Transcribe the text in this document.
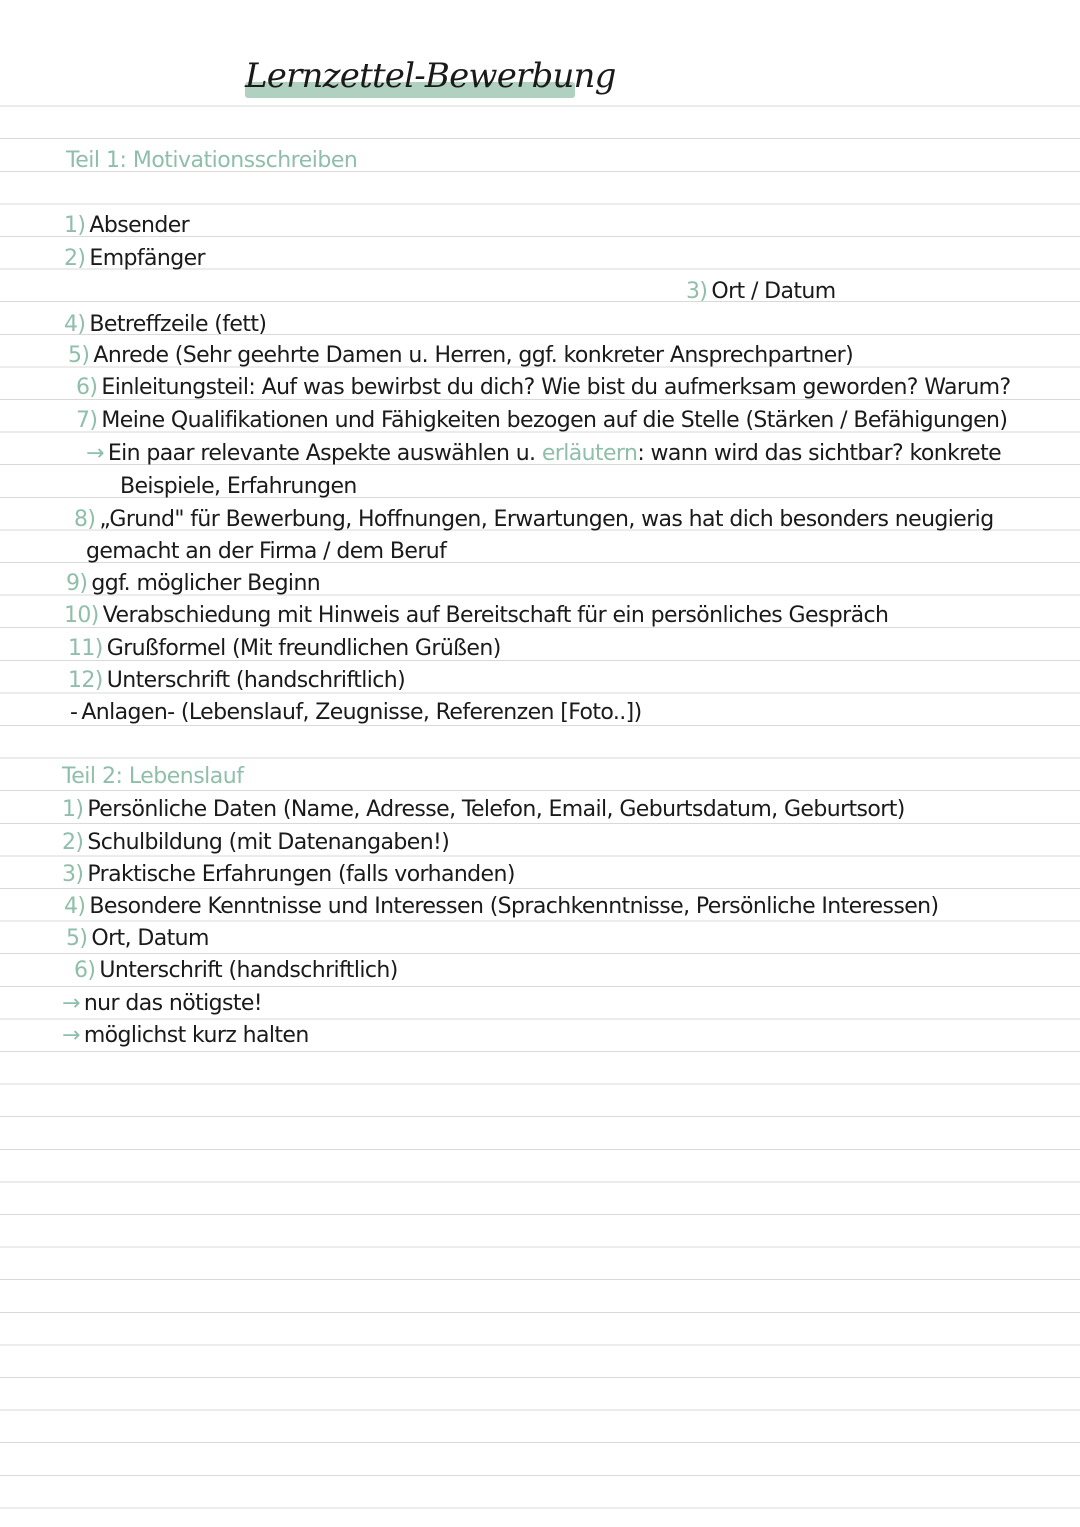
Lernzettel-Bewerbung
Teil 1: Motivationsschreiben
1) Absender
2) Empfänger
3) Ort / Datum
4) Betreffzeile (fett)
5) Anrede (Sehr geehrte Damen u. Herren, ggf. konkreter Ansprechpartner)
6) Einleitungsteil: Auf was bewirbst du dich? Wie bist du aufmerksam geworden? Warum?
7) Meine Qualifikationen und Fähigkeiten bezogen auf die Stelle (Stärken / Befähigungen)
→ Ein paar relevante Aspekte auswählen u. erläutern: wann wird das sichtbar? konkrete
Beispiele, Erfahrungen
8) „Grund" für Bewerbung, Hoffnungen, Erwartungen, was hat dich besonders neugierig
gemacht an der Firma / dem Beruf
9) ggf. möglicher Beginn
10) Verabschiedung mit Hinweis auf Bereitschaft für ein persönliches Gespräch
11) Grußformel (Mit freundlichen Grüßen)
12) Unterschrift (handschriftlich)
- Anlagen- (Lebenslauf, Zeugnisse, Referenzen [Foto..])
Teil 2: Lebenslauf
1) Persönliche Daten (Name, Adresse, Telefon, Email, Geburtsdatum, Geburtsort)
2) Schulbildung (mit Datenangaben!)
3) Praktische Erfahrungen (falls vorhanden)
4) Besondere Kenntnisse und Interessen (Sprachkenntnisse, Persönliche Interessen)
5) Ort, Datum
6) Unterschrift (handschriftlich)
→ nur das nötigste!
→ möglichst kurz halten
